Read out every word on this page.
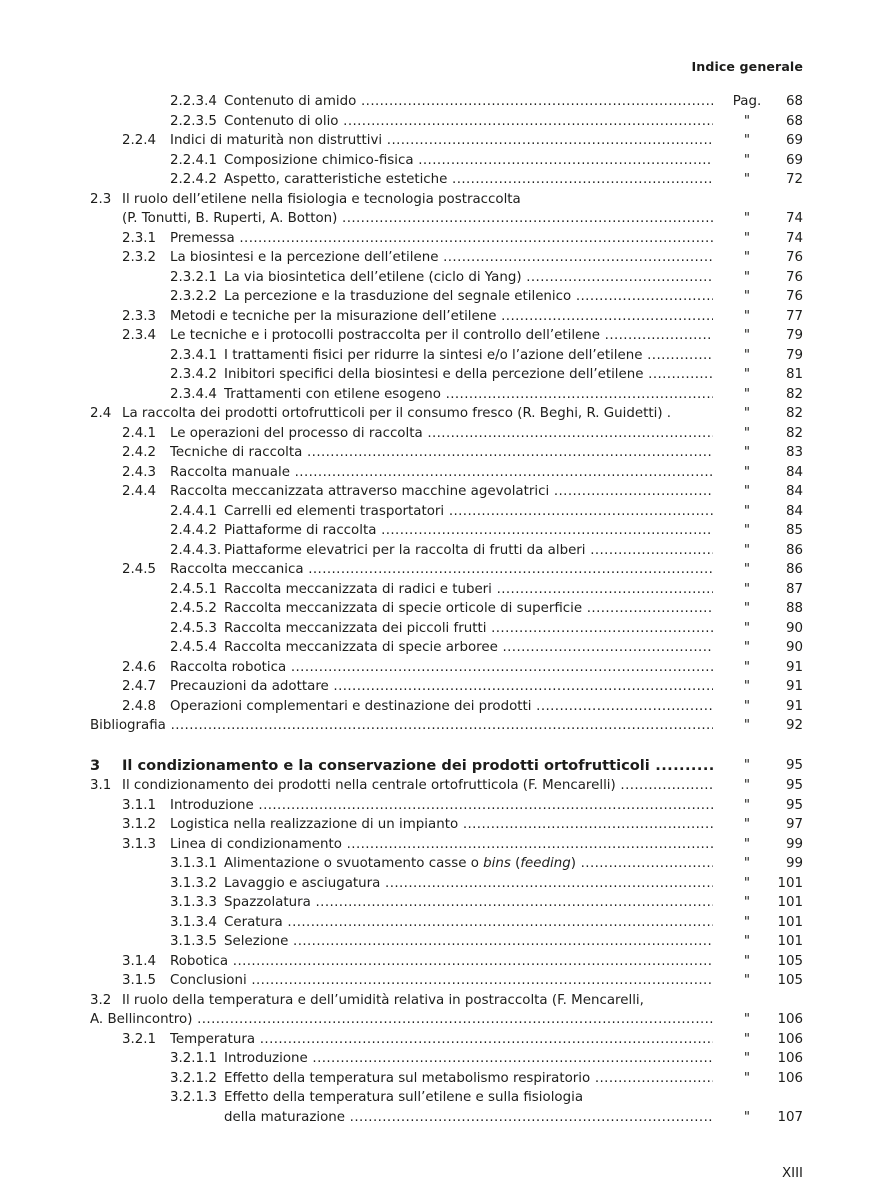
Indice generale
2.2.3.4 Contenuto di amido .....	Pag.	68
2.2.3.5 Contenuto di olio .....	"	68
2.2.4 Indici di maturità non distruttivi .....	"	69
2.2.4.1 Composizione chimico-fisica .....	"	69
2.2.4.2 Aspetto, caratteristiche estetiche .....	"	72
2.3 Il ruolo dell’etilene nella fisiologia e tecnologia postraccolta
(P. Tonutti, B. Ruperti, A. Botton) .....	"	74
2.3.1 Premessa .....	"	74
2.3.2 La biosintesi e la percezione dell’etilene .....	"	76
2.3.2.1 La via biosintetica dell’etilene (ciclo di Yang) .....	"	76
2.3.2.2 La percezione e la trasduzione del segnale etilenico .....	"	76
2.3.3 Metodi e tecniche per la misurazione dell’etilene .....	"	77
2.3.4 Le tecniche e i protocolli postraccolta per il controllo dell’etilene .....	"	79
2.3.4.1 I trattamenti fisici per ridurre la sintesi e/o l’azione dell’etilene .....	"	79
2.3.4.2 Inibitori specifici della biosintesi e della percezione dell’etilene .....	"	81
2.3.4.4 Trattamenti con etilene esogeno .....	"	82
2.4 La raccolta dei prodotti ortofrutticoli per il consumo fresco (R. Beghi, R. Guidetti) .	"	82
2.4.1 Le operazioni del processo di raccolta .....	"	82
2.4.2 Tecniche di raccolta .....	"	83
2.4.3 Raccolta manuale .....	"	84
2.4.4 Raccolta meccanizzata attraverso macchine agevolatrici .....	"	84
2.4.4.1 Carrelli ed elementi trasportatori .....	"	84
2.4.4.2 Piattaforme di raccolta .....	"	85
2.4.4.3. Piattaforme elevatrici per la raccolta di frutti da alberi .....	"	86
2.4.5 Raccolta meccanica .....	"	86
2.4.5.1 Raccolta meccanizzata di radici e tuberi .....	"	87
2.4.5.2 Raccolta meccanizzata di specie orticole di superficie .....	"	88
2.4.5.3 Raccolta meccanizzata dei piccoli frutti .....	"	90
2.4.5.4 Raccolta meccanizzata di specie arboree .....	"	90
2.4.6 Raccolta robotica .....	"	91
2.4.7 Precauzioni da adottare .....	"	91
2.4.8 Operazioni complementari e destinazione dei prodotti .....	"	91
Bibliografia .....	"	92
3 Il condizionamento e la conservazione dei prodotti ortofrutticoli .....	"	95
3.1 Il condizionamento dei prodotti nella centrale ortofrutticola (F. Mencarelli) .....	"	95
3.1.1 Introduzione .....	"	95
3.1.2 Logistica nella realizzazione di un impianto .....	"	97
3.1.3 Linea di condizionamento .....	"	99
3.1.3.1 Alimentazione o svuotamento casse o bins (feeding) .....	"	99
3.1.3.2 Lavaggio e asciugatura .....	"	101
3.1.3.3 Spazzolatura .....	"	101
3.1.3.4 Ceratura .....	"	101
3.1.3.5 Selezione .....	"	101
3.1.4 Robotica .....	"	105
3.1.5 Conclusioni .....	"	105
3.2 Il ruolo della temperatura e dell’umidità relativa in postraccolta (F. Mencarelli,
A. Bellincontro) .....	"	106
3.2.1 Temperatura .....	"	106
3.2.1.1 Introduzione .....	"	106
3.2.1.2 Effetto della temperatura sul metabolismo respiratorio .....	"	106
3.2.1.3 Effetto della temperatura sull’etilene e sulla fisiologia
della maturazione .....	"	107
XIII
